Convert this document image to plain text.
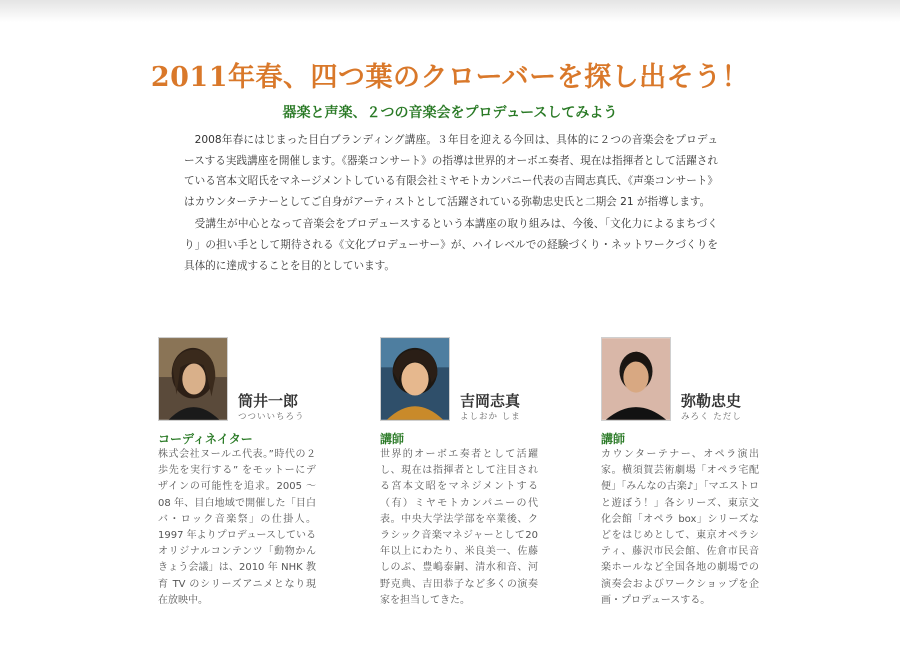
2011年春、四つ葉のクローバーを探し出そう！
器楽と声楽、２つの音楽会をプロデュースしてみよう

2008年春にはじまった目白ブランディング講座。３年目を迎える今回は、具体的に２つの音楽会をプロデュースする実践講座を開催します。《器楽コンサート》の指導は世界的オーボエ奏者、現在は指揮者として活躍されている宮本文昭氏をマネージメントしている有限会社ミヤモトカンパニー代表の吉岡志真氏、《声楽コンサート》はカウンターテナーとしてご自身がアーティストとして活躍されている弥勒忠史氏と二期会 21 が指導します。

受講生が中心となって音楽会をプロデュースするという本講座の取り組みは、今後、「文化力によるまちづくり」の担い手として期待される《文化プロデューサー》が、ハイレベルでの経験づくり・ネットワークづくりを具体的に達成することを目的としています。

筒井一郎
つついいちろう
コーディネイター
株式会社ヌールエ代表。”時代の２歩先を実行する” をモットーにデザインの可能性を追求。2005 ～ 08 年、目白地域で開催した「目白バ・ロック音楽祭」の仕掛人。1997 年よりプロデュースしているオリジナルコンテンツ「動物かんきょう会議」は、2010 年 NHK 教育 TV のシリーズアニメとなり現在放映中。
吉岡志真
よしおか しま
講師
世界的オーボエ奏者として活躍し、現在は指揮者として注目される宮本文昭をマネジメントする（有）ミヤモトカンパニーの代表。中央大学法学部を卒業後、クラシック音楽マネジャーとして20年以上にわたり、米良美一、佐藤しのぶ、豊嶋泰嗣、清水和音、河野克典、吉田恭子など多くの演奏家を担当してきた。
弥勒忠史
みろく ただし
講師
カウンターテナー、オペラ演出家。横須賀芸術劇場「オペラ宅配便」「みんなの古楽♪」「マエストロと遊ぼう！」各シリーズ、東京文化会館「オペラ box」シリーズなどをはじめとして、東京オペラシティ、藤沢市民会館、佐倉市民音楽ホールなど全国各地の劇場での演奏会およびワークショップを企画・プロデュースする。
